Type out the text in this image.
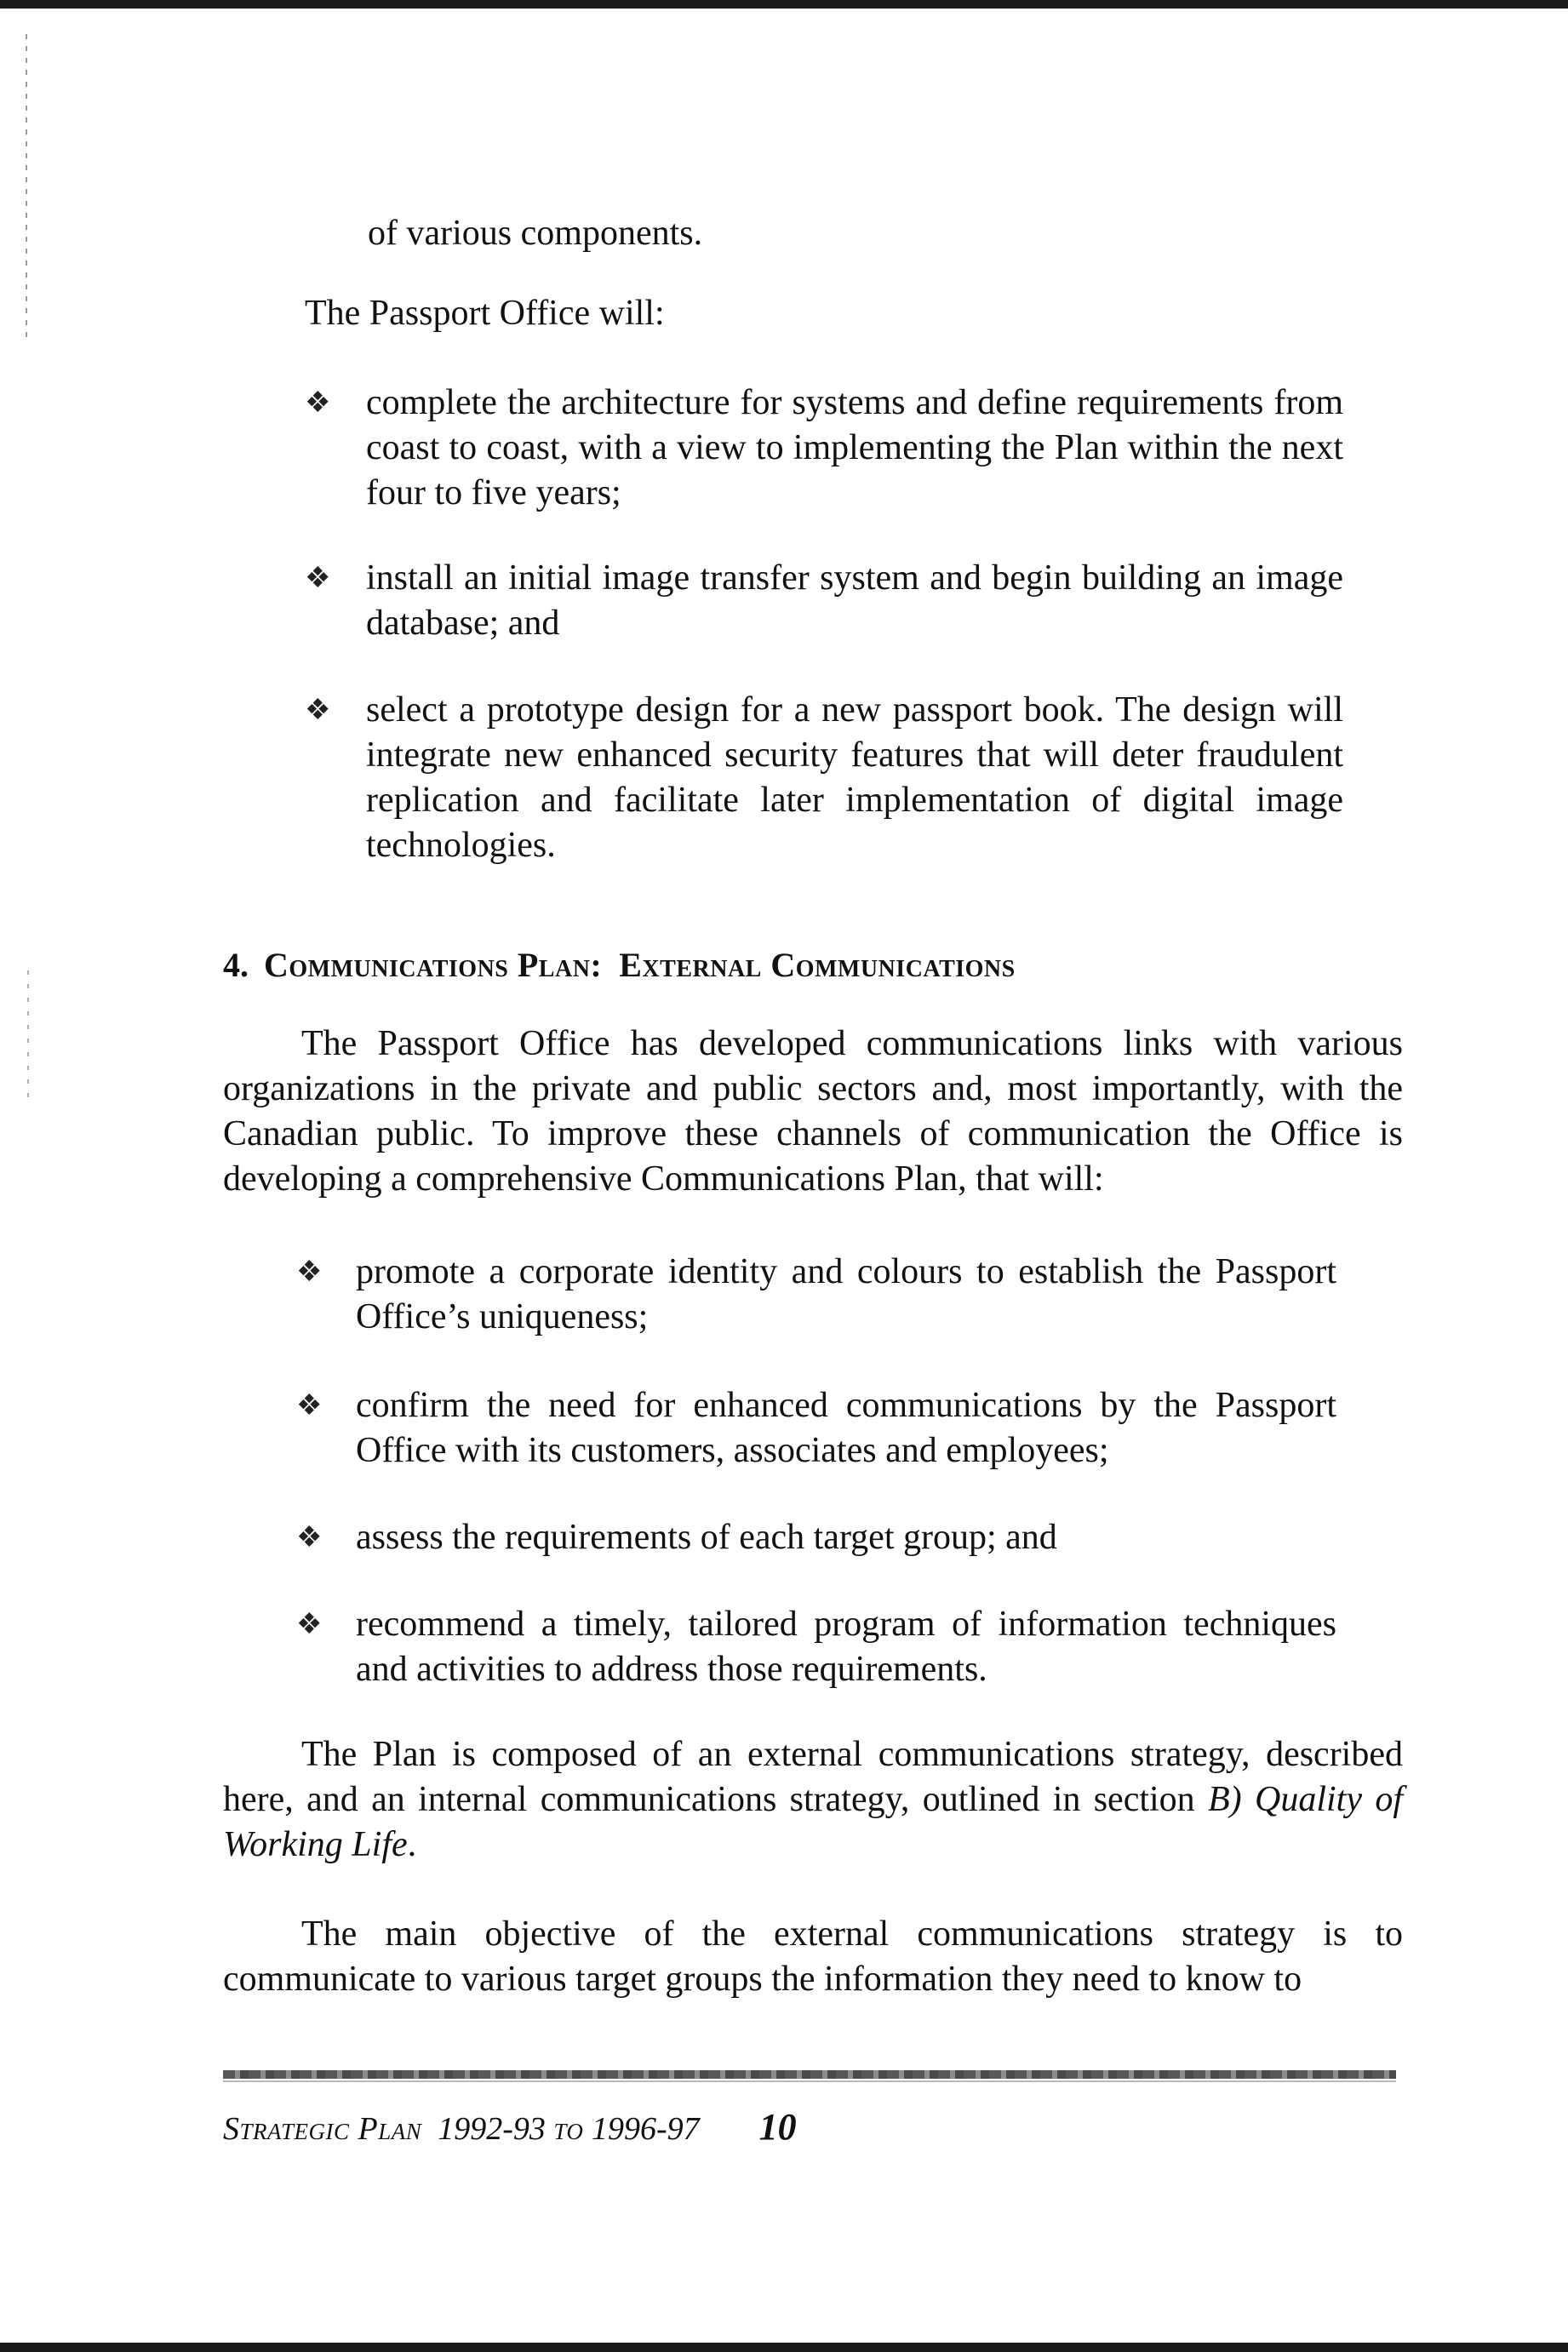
of various components.

The Passport Office will:

❖ complete the architecture for systems and define requirements from coast to coast, with a view to implementing the Plan within the next four to five years;

❖ install an initial image transfer system and begin building an image database; and

❖ select a prototype design for a new passport book. The design will integrate new enhanced security features that will deter fraudulent replication and facilitate later implementation of digital image technologies.

4. Communications Plan: External Communications

The Passport Office has developed communications links with various organizations in the private and public sectors and, most importantly, with the Canadian public. To improve these channels of communication the Office is developing a comprehensive Communications Plan, that will:

❖ promote a corporate identity and colours to establish the Passport Office’s uniqueness;

❖ confirm the need for enhanced communications by the Passport Office with its customers, associates and employees;

❖ assess the requirements of each target group; and

❖ recommend a timely, tailored program of information techniques and activities to address those requirements.

The Plan is composed of an external communications strategy, described here, and an internal communications strategy, outlined in section B) Quality of Working Life.

The main objective of the external communications strategy is to communicate to various target groups the information they need to know to

Strategic Plan 1992-93 to 1996-97 10
